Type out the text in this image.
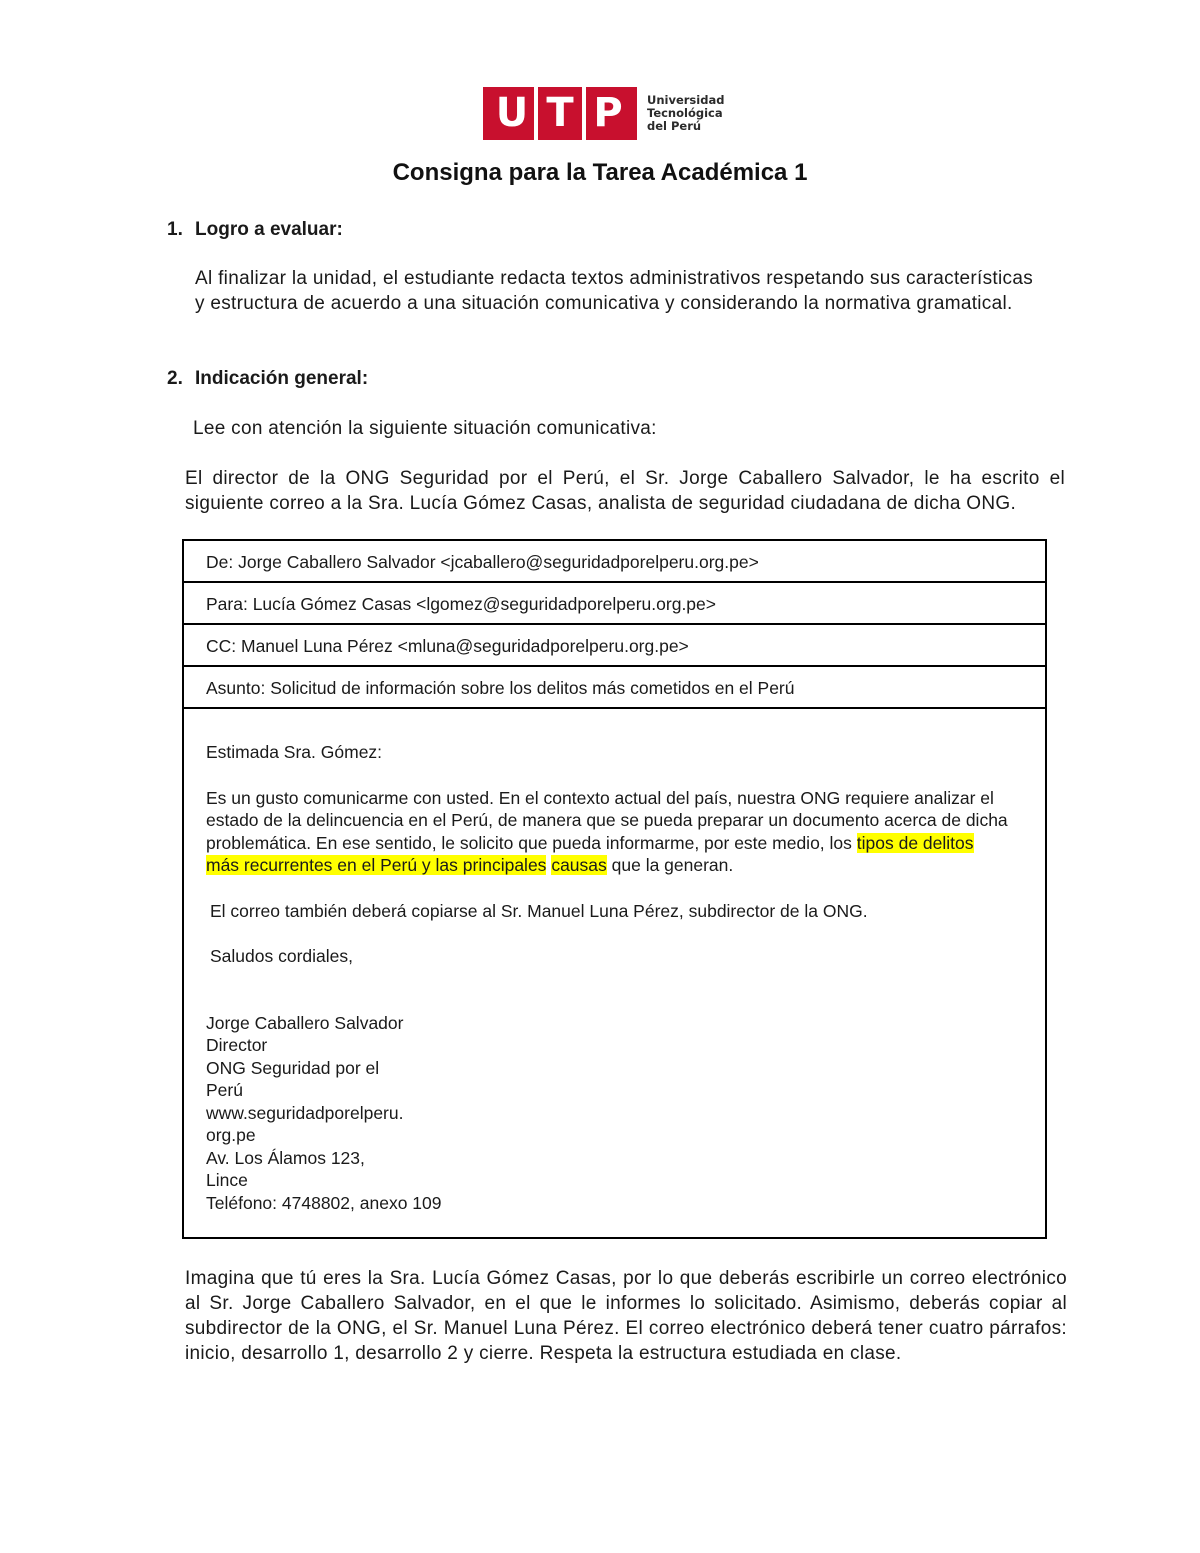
U T P	Universidad
Tecnológica
del Perú
Consigna para la Tarea Académica 1
1. Logro a evaluar:
Al finalizar la unidad, el estudiante redacta textos administrativos respetando sus características y estructura de acuerdo a una situación comunicativa y considerando la normativa gramatical.
2. Indicación general:
Lee con atención la siguiente situación comunicativa:
El director de la ONG Seguridad por el Perú, el Sr. Jorge Caballero Salvador, le ha escrito el siguiente correo a la Sra. Lucía Gómez Casas, analista de seguridad ciudadana de dicha ONG.
De: Jorge Caballero Salvador <jcaballero@seguridadporelperu.org.pe>
Para: Lucía Gómez Casas <lgomez@seguridadporelperu.org.pe>
CC: Manuel Luna Pérez <mluna@seguridadporelperu.org.pe>
Asunto: Solicitud de información sobre los delitos más cometidos en el Perú

Estimada Sra. Gómez:

Es un gusto comunicarme con usted. En el contexto actual del país, nuestra ONG requiere analizar el estado de la delincuencia en el Perú, de manera que se pueda preparar un documento acerca de dicha problemática. En ese sentido, le solicito que pueda informarme, por este medio, los tipos de delitos más recurrentes en el Perú y las principales causas que la generan.

El correo también deberá copiarse al Sr. Manuel Luna Pérez, subdirector de la ONG.

Saludos cordiales,

Jorge Caballero Salvador
Director
ONG Seguridad por el
Perú
www.seguridadporelperu.
org.pe
Av. Los Álamos 123,
Lince
Teléfono: 4748802, anexo 109
Imagina que tú eres la Sra. Lucía Gómez Casas, por lo que deberás escribirle un correo electrónico al Sr. Jorge Caballero Salvador, en el que le informes lo solicitado. Asimismo, deberás copiar al subdirector de la ONG, el Sr. Manuel Luna Pérez. El correo electrónico deberá tener cuatro párrafos: inicio, desarrollo 1, desarrollo 2 y cierre. Respeta la estructura estudiada en clase.
